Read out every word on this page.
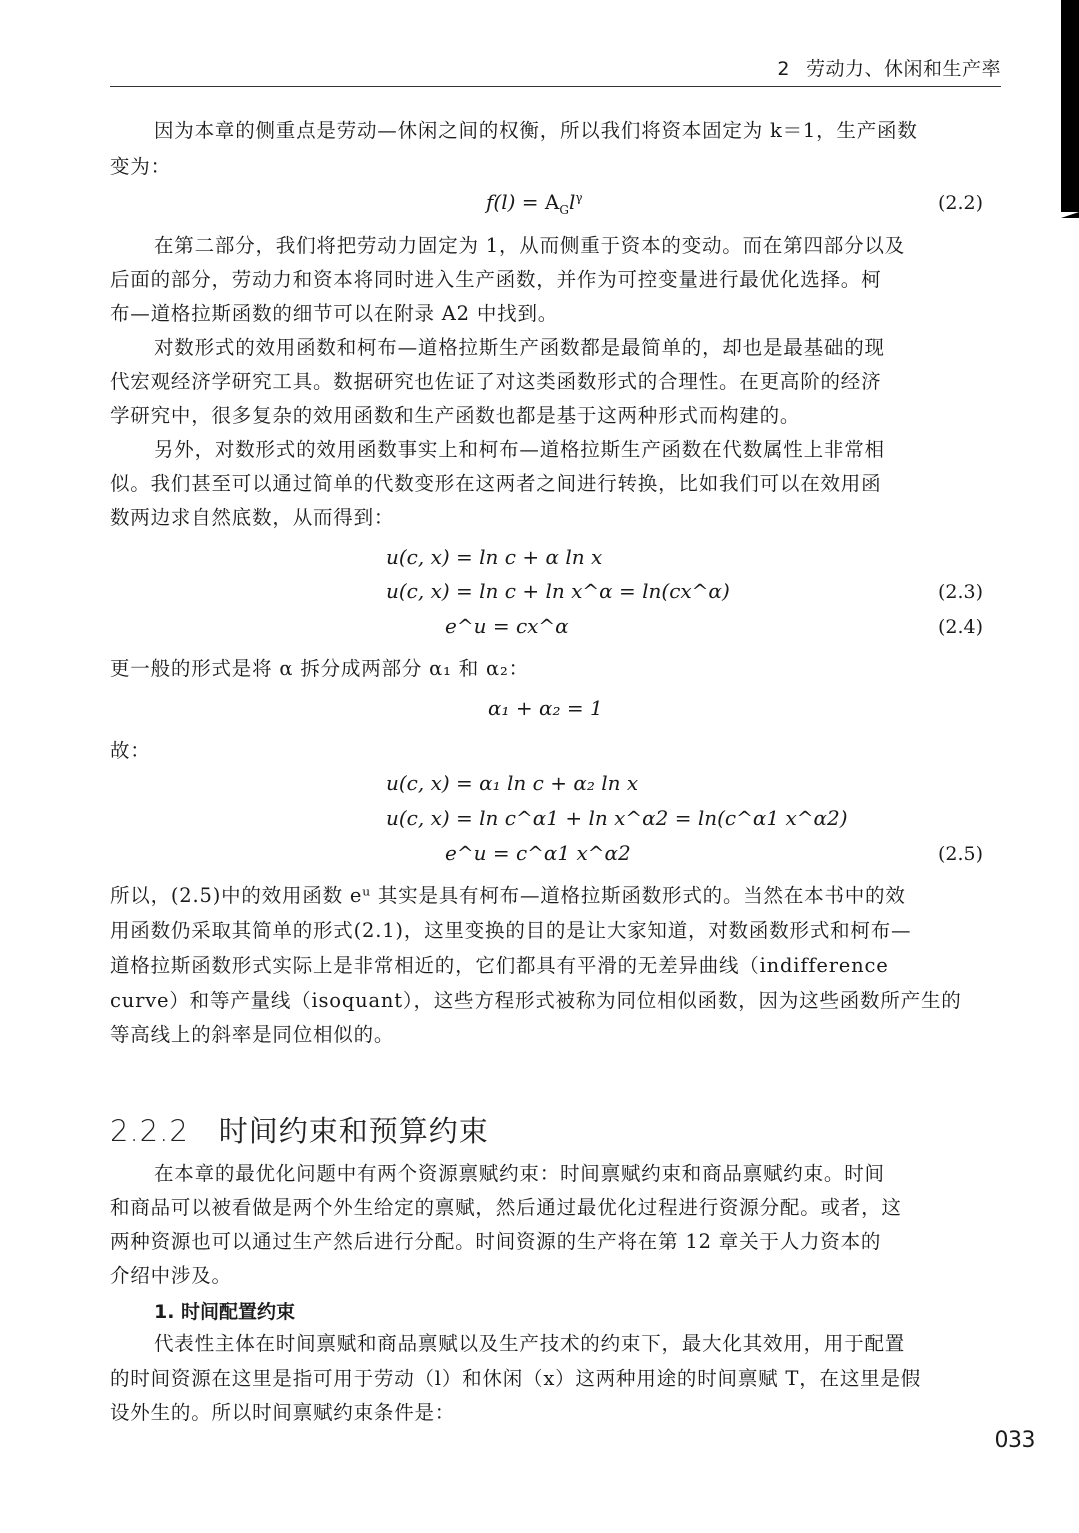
2 劳动力、休闲和生产率
因为本章的侧重点是劳动—休闲之间的权衡，所以我们将资本固定为 k＝1，生产函数
变为：
$f(l) = A_Gl^\gamma$	(2.2)
在第二部分，我们将把劳动力固定为 1，从而侧重于资本的变动。而在第四部分以及
后面的部分，劳动力和资本将同时进入生产函数，并作为可控变量进行最优化选择。柯
布—道格拉斯函数的细节可以在附录 A2 中找到。
对数形式的效用函数和柯布—道格拉斯生产函数都是最简单的，却也是最基础的现
代宏观经济学研究工具。数据研究也佐证了对这类函数形式的合理性。在更高阶的经济
学研究中，很多复杂的效用函数和生产函数也都是基于这两种形式而构建的。
另外，对数形式的效用函数事实上和柯布—道格拉斯生产函数在代数属性上非常相
似。我们甚至可以通过简单的代数变形在这两者之间进行转换，比如我们可以在效用函
数两边求自然底数，从而得到：
u(c, x) = ln c + α ln x
u(c, x) = ln c + ln x^α = ln(cx^α)	(2.3)
e^u = cx^α	(2.4)
更一般的形式是将 α 拆分成两部分 α₁ 和 α₂：
α₁ + α₂ = 1
故：
u(c, x) = α₁ ln c + α₂ ln x
u(c, x) = ln c^α1 + ln x^α2 = ln(c^α1 x^α2)
e^u = c^α1 x^α2	(2.5)
所以，(2.5)中的效用函数 eᵘ 其实是具有柯布—道格拉斯函数形式的。当然在本书中的效
用函数仍采取其简单的形式(2.1)，这里变换的目的是让大家知道，对数函数形式和柯布—
道格拉斯函数形式实际上是非常相近的，它们都具有平滑的无差异曲线（indifference
curve）和等产量线（isoquant），这些方程形式被称为同位相似函数，因为这些函数所产生的
等高线上的斜率是同位相似的。
2.2.2 时间约束和预算约束
在本章的最优化问题中有两个资源禀赋约束：时间禀赋约束和商品禀赋约束。时间
和商品可以被看做是两个外生给定的禀赋，然后通过最优化过程进行资源分配。或者，这
两种资源也可以通过生产然后进行分配。时间资源的生产将在第 12 章关于人力资本的
介绍中涉及。
1. 时间配置约束
代表性主体在时间禀赋和商品禀赋以及生产技术的约束下，最大化其效用，用于配置
的时间资源在这里是指可用于劳动（l）和休闲（x）这两种用途的时间禀赋 T，在这里是假
设外生的。所以时间禀赋约束条件是：
033
